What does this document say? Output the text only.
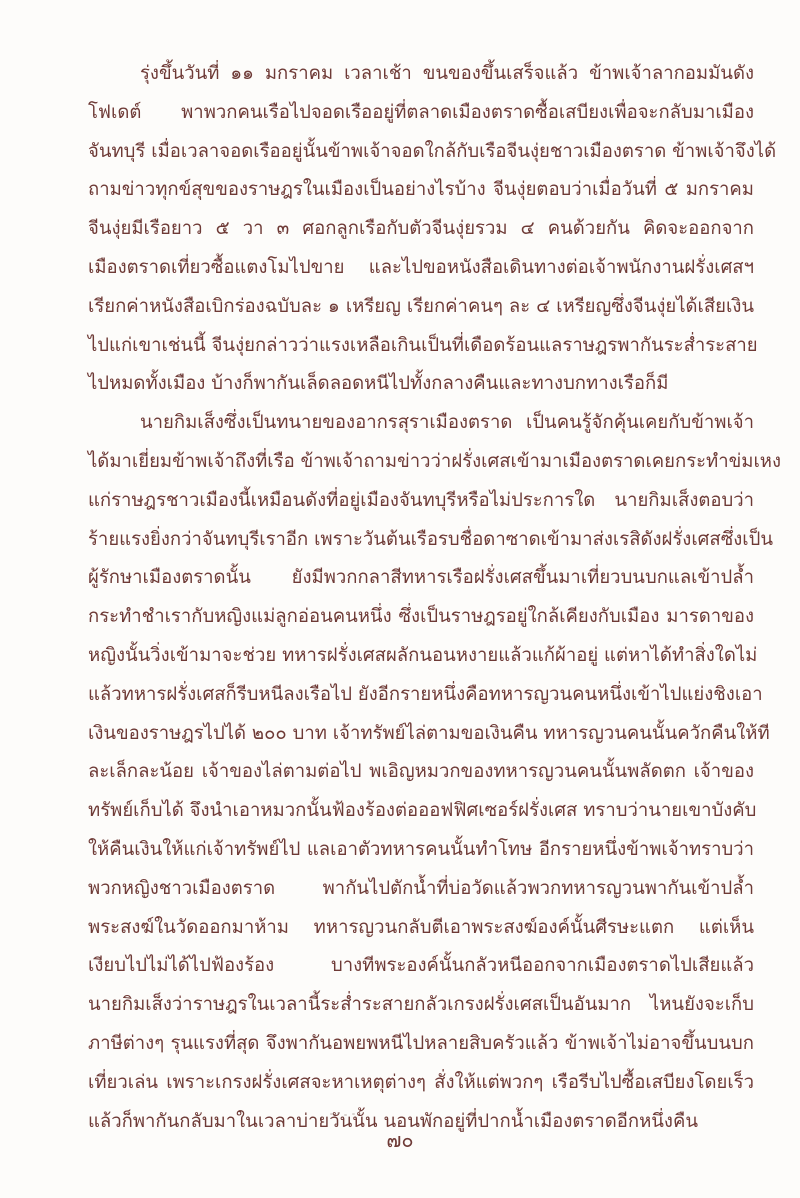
รุ่งขึ้นวันที่ ๑๑ มกราคม เวลาเช้า ขนของขึ้นเสร็จแล้ว ข้าพเจ้าลากอมมันดัง
โฟเดต์ พาพวกคนเรือไปจอดเรืออยู่ที่ตลาดเมืองตราดซื้อเสบียงเพื่อจะกลับมาเมือง
จันทบุรี เมื่อเวลาจอดเรืออยู่นั้นข้าพเจ้าจอดใกล้กับเรือจีนงุ่ยชาวเมืองตราด ข้าพเจ้าจึงได้
ถามข่าวทุกข์สุขของราษฎรในเมืองเป็นอย่างไรบ้าง จีนงุ่ยตอบว่าเมื่อวันที่ ๕ มกราคม
จีนงุ่ยมีเรือยาว ๕ วา ๓ ศอกลูกเรือกับตัวจีนงุ่ยรวม ๔ คนด้วยกัน คิดจะออกจาก
เมืองตราดเที่ยวซื้อแตงโมไปขาย และไปขอหนังสือเดินทางต่อเจ้าพนักงานฝรั่งเศสฯ
เรียกค่าหนังสือเบิกร่องฉบับละ ๑ เหรียญ เรียกค่าคนๆ ละ ๔ เหรียญซึ่งจีนงุ่ยได้เสียเงิน
ไปแก่เขาเช่นนี้ จีนงุ่ยกล่าวว่าแรงเหลือเกินเป็นที่เดือดร้อนแลราษฎรพากันระส่ำระสาย
ไปหมดทั้งเมือง บ้างก็พากันเล็ดลอดหนีไปทั้งกลางคืนและทางบกทางเรือก็มี
นายกิมเส็งซึ่งเป็นทนายของอากรสุราเมืองตราด เป็นคนรู้จักคุ้นเคยกับข้าพเจ้า
ได้มาเยี่ยมข้าพเจ้าถึงที่เรือ ข้าพเจ้าถามข่าวว่าฝรั่งเศสเข้ามาเมืองตราดเคยกระทำข่มเหง
แก่ราษฎรชาวเมืองนี้เหมือนดังที่อยู่เมืองจันทบุรีหรือไม่ประการใด นายกิมเส็งตอบว่า
ร้ายแรงยิ่งกว่าจันทบุรีเราอีก เพราะวันต้นเรือรบชื่อดาซาดเข้ามาส่งเรสิดังฝรั่งเศสซึ่งเป็น
ผู้รักษาเมืองตราดนั้น ยังมีพวกกลาสีทหารเรือฝรั่งเศสขึ้นมาเที่ยวบนบกแลเข้าปล้ำ
กระทำชำเรากับหญิงแม่ลูกอ่อนคนหนึ่ง ซึ่งเป็นราษฎรอยู่ใกล้เคียงกับเมือง มารดาของ
หญิงนั้นวิ่งเข้ามาจะช่วย ทหารฝรั่งเศสผลักนอนหงายแล้วแก้ผ้าอยู่ แต่หาได้ทำสิ่งใดไม่
แล้วทหารฝรั่งเศสก็รีบหนีลงเรือไป ยังอีกรายหนึ่งคือทหารญวนคนหนึ่งเข้าไปแย่งชิงเอา
เงินของราษฎรไปได้ ๒๐๐ บาท เจ้าทรัพย์ไล่ตามขอเงินคืน ทหารญวนคนนั้นควักคืนให้ที
ละเล็กละน้อย เจ้าของไล่ตามต่อไป พเอิญหมวกของทหารญวนคนนั้นพลัดตก เจ้าของ
ทรัพย์เก็บได้ จึงนำเอาหมวกนั้นฟ้องร้องต่อออฟฟิศเซอร์ฝรั่งเศส ทราบว่านายเขาบังคับ
ให้คืนเงินให้แก่เจ้าทรัพย์ไป แลเอาตัวทหารคนนั้นทำโทษ อีกรายหนึ่งข้าพเจ้าทราบว่า
พวกหญิงชาวเมืองตราด พากันไปตักน้ำที่บ่อวัดแล้วพวกทหารญวนพากันเข้าปล้ำ
พระสงฆ์ในวัดออกมาห้าม ทหารญวนกลับตีเอาพระสงฆ์องค์นั้นศีรษะแตก แต่เห็น
เงียบไปไม่ได้ไปฟ้องร้อง บางทีพระองค์นั้นกลัวหนีออกจากเมืองตราดไปเสียแล้ว
นายกิมเส็งว่าราษฎรในเวลานี้ระส่ำระสายกลัวเกรงฝรั่งเศสเป็นอันมาก ไหนยังจะเก็บ
ภาษีต่างๆ รุนแรงที่สุด จึงพากันอพยพหนีไปหลายสิบครัวแล้ว ข้าพเจ้าไม่อาจขึ้นบนบก
เที่ยวเล่น เพราะเกรงฝรั่งเศสจะหาเหตุต่างๆ สั่งให้แต่พวกๆ เรือรีบไปซื้อเสบียงโดยเร็ว
แล้วก็พากันกลับมาในเวลาบ่ายวันนั้น นอนพักอยู่ที่ปากน้ำเมืองตราดอีกหนึ่งคืน
๗๐
